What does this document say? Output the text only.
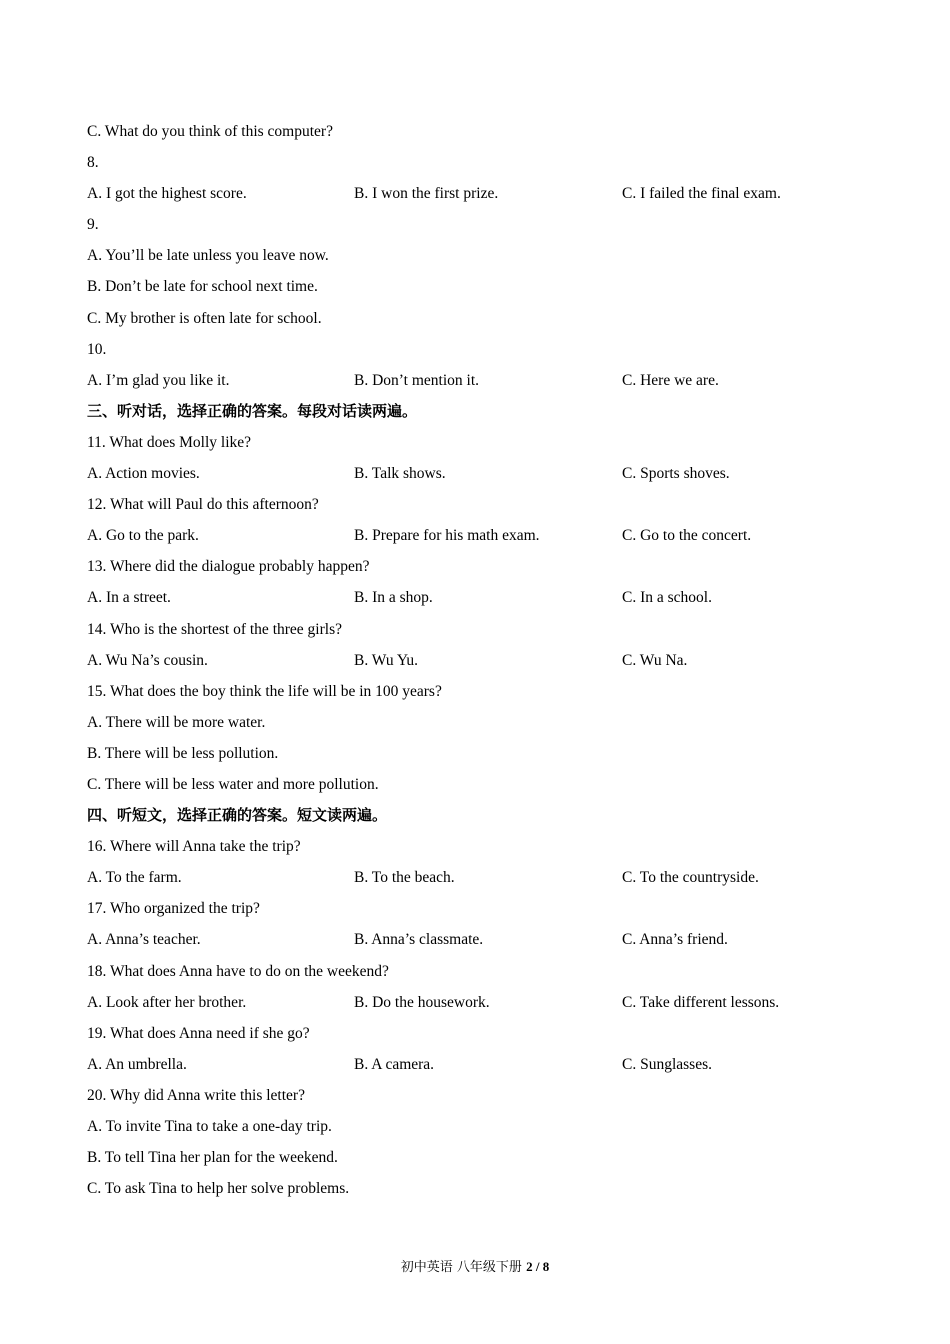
C. What do you think of this computer?
8.
A. I got the highest score.	B. I won the first prize.	C. I failed the final exam.
9.
A. You’ll be late unless you leave now.
B. Don’t be late for school next time.
C. My brother is often late for school.
10.
A. I’m glad you like it.	B. Don’t mention it.	C. Here we are.
三、听对话，选择正确的答案。每段对话读两遍。
11. What does Molly like?
A. Action movies.	B. Talk shows.	C. Sports shoves.
12. What will Paul do this afternoon?
A. Go to the park.	B. Prepare for his math exam.	C. Go to the concert.
13. Where did the dialogue probably happen?
A. In a street.	B. In a shop.	C. In a school.
14. Who is the shortest of the three girls?
A. Wu Na’s cousin.	B. Wu Yu.	C. Wu Na.
15. What does the boy think the life will be in 100 years?
A. There will be more water.
B. There will be less pollution.
C. There will be less water and more pollution.
四、听短文，选择正确的答案。短文读两遍。
16. Where will Anna take the trip?
A. To the farm.	B. To the beach.	C. To the countryside.
17. Who organized the trip?
A. Anna’s teacher.	B. Anna’s classmate.	C. Anna’s friend.
18. What does Anna have to do on the weekend?
A. Look after her brother.	B. Do the housework.	C. Take different lessons.
19. What does Anna need if she go?
A. An umbrella.	B. A camera.	C. Sunglasses.
20. Why did Anna write this letter?
A. To invite Tina to take a one-day trip.
B. To tell Tina her plan for the weekend.
C. To ask Tina to help her solve problems.
初中英语 八年级下册 2 / 8
